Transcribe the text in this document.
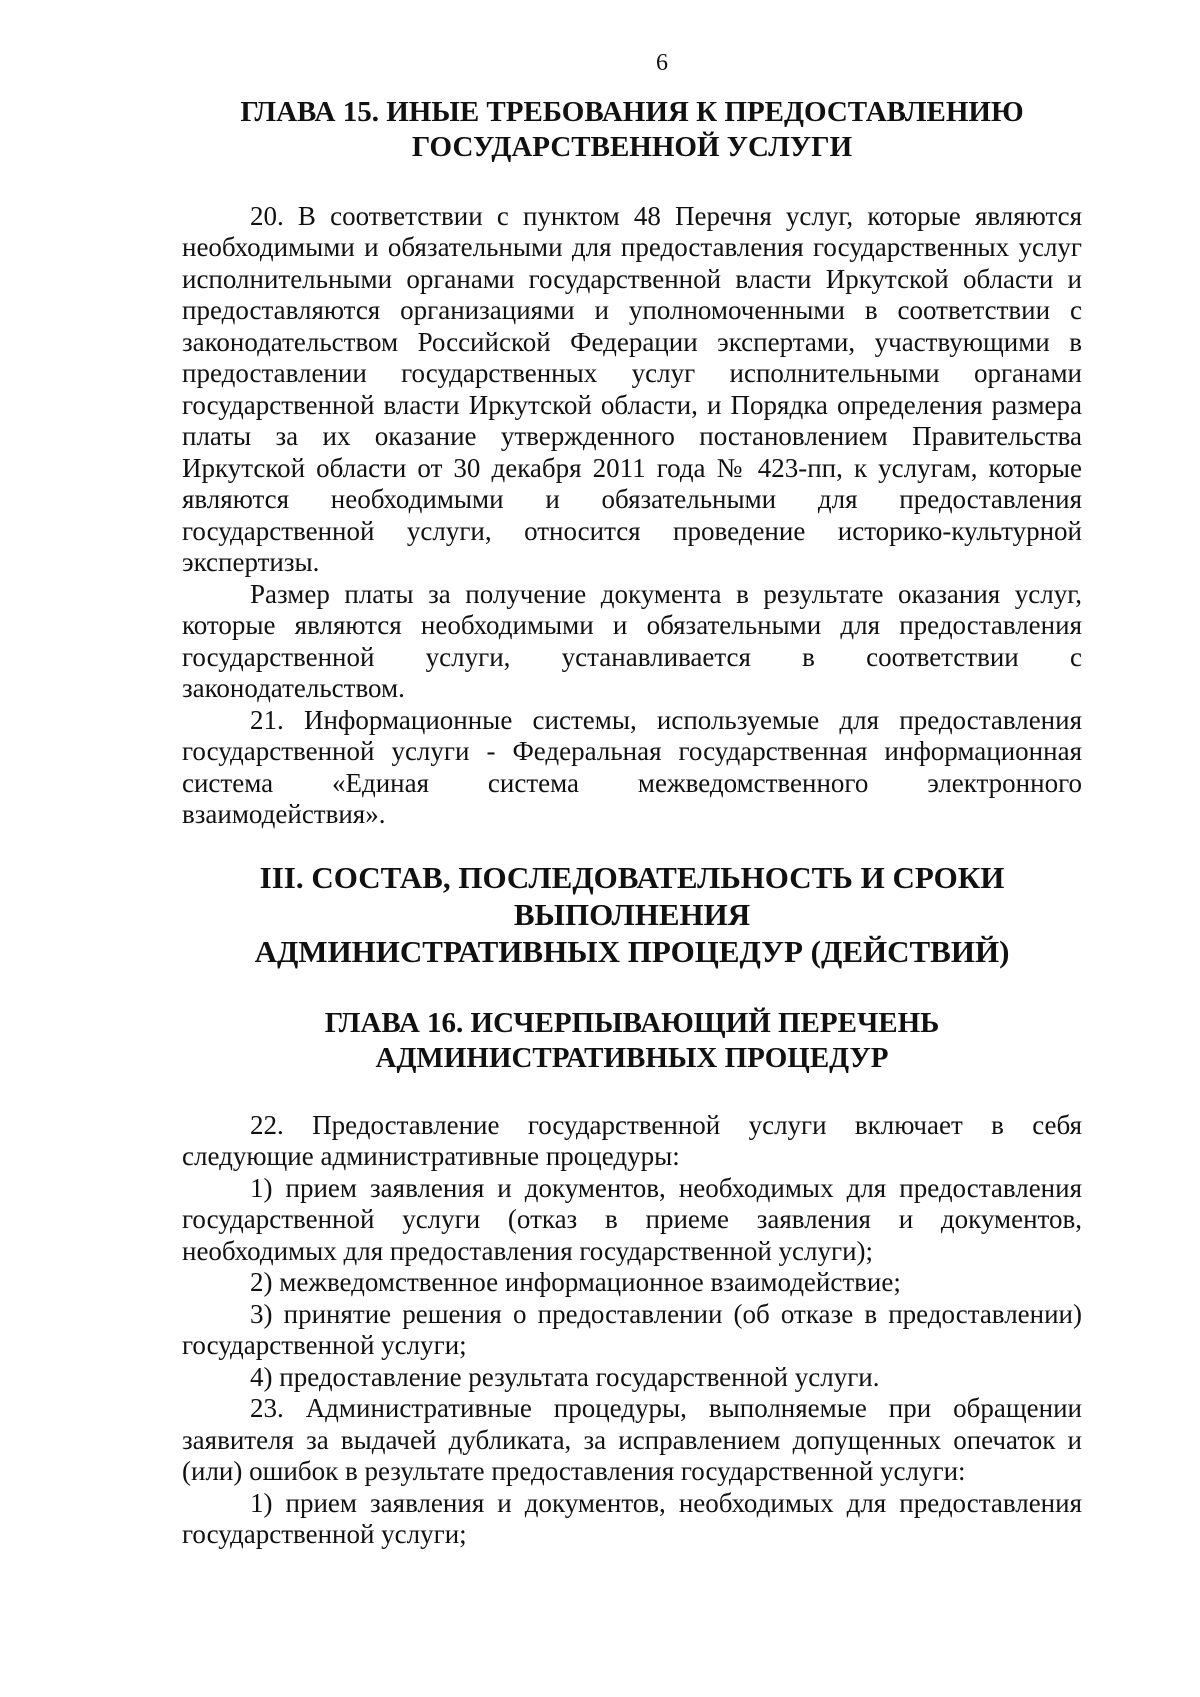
6
ГЛАВА 15. ИНЫЕ ТРЕБОВАНИЯ К ПРЕДОСТАВЛЕНИЮ
ГОСУДАРСТВЕННОЙ УСЛУГИ

20. В соответствии с пунктом 48 Перечня услуг, которые являются необходимыми и обязательными для предоставления государственных услуг исполнительными органами государственной власти Иркутской области и предоставляются организациями и уполномоченными в соответствии с законодательством Российской Федерации экспертами, участвующими в предоставлении государственных услуг исполнительными органами государственной власти Иркутской области, и Порядка определения размера платы за их оказание утвержденного постановлением Правительства Иркутской области от 30 декабря 2011 года № 423-пп, к услугам, которые являются необходимыми и обязательными для предоставления государственной услуги, относится проведение историко-культурной экспертизы.

Размер платы за получение документа в результате оказания услуг, которые являются необходимыми и обязательными для предоставления государственной услуги, устанавливается в соответствии с законодательством.

21. Информационные системы, используемые для предоставления государственной услуги - Федеральная государственная информационная система «Единая система межведомственного электронного взаимодействия».

III. СОСТАВ, ПОСЛЕДОВАТЕЛЬНОСТЬ И СРОКИ ВЫПОЛНЕНИЯ
АДМИНИСТРАТИВНЫХ ПРОЦЕДУР (ДЕЙСТВИЙ)
ГЛАВА 16. ИСЧЕРПЫВАЮЩИЙ ПЕРЕЧЕНЬ
АДМИНИСТРАТИВНЫХ ПРОЦЕДУР

22. Предоставление государственной услуги включает в себя следующие административные процедуры:

1) прием заявления и документов, необходимых для предоставления государственной услуги (отказ в приеме заявления и документов, необходимых для предоставления государственной услуги);

2) межведомственное информационное взаимодействие;

3) принятие решения о предоставлении (об отказе в предоставлении) государственной услуги;

4) предоставление результата государственной услуги.

23. Административные процедуры, выполняемые при обращении заявителя за выдачей дубликата, за исправлением допущенных опечаток и (или) ошибок в результате предоставления государственной услуги:

1) прием заявления и документов, необходимых для предоставления государственной услуги;
